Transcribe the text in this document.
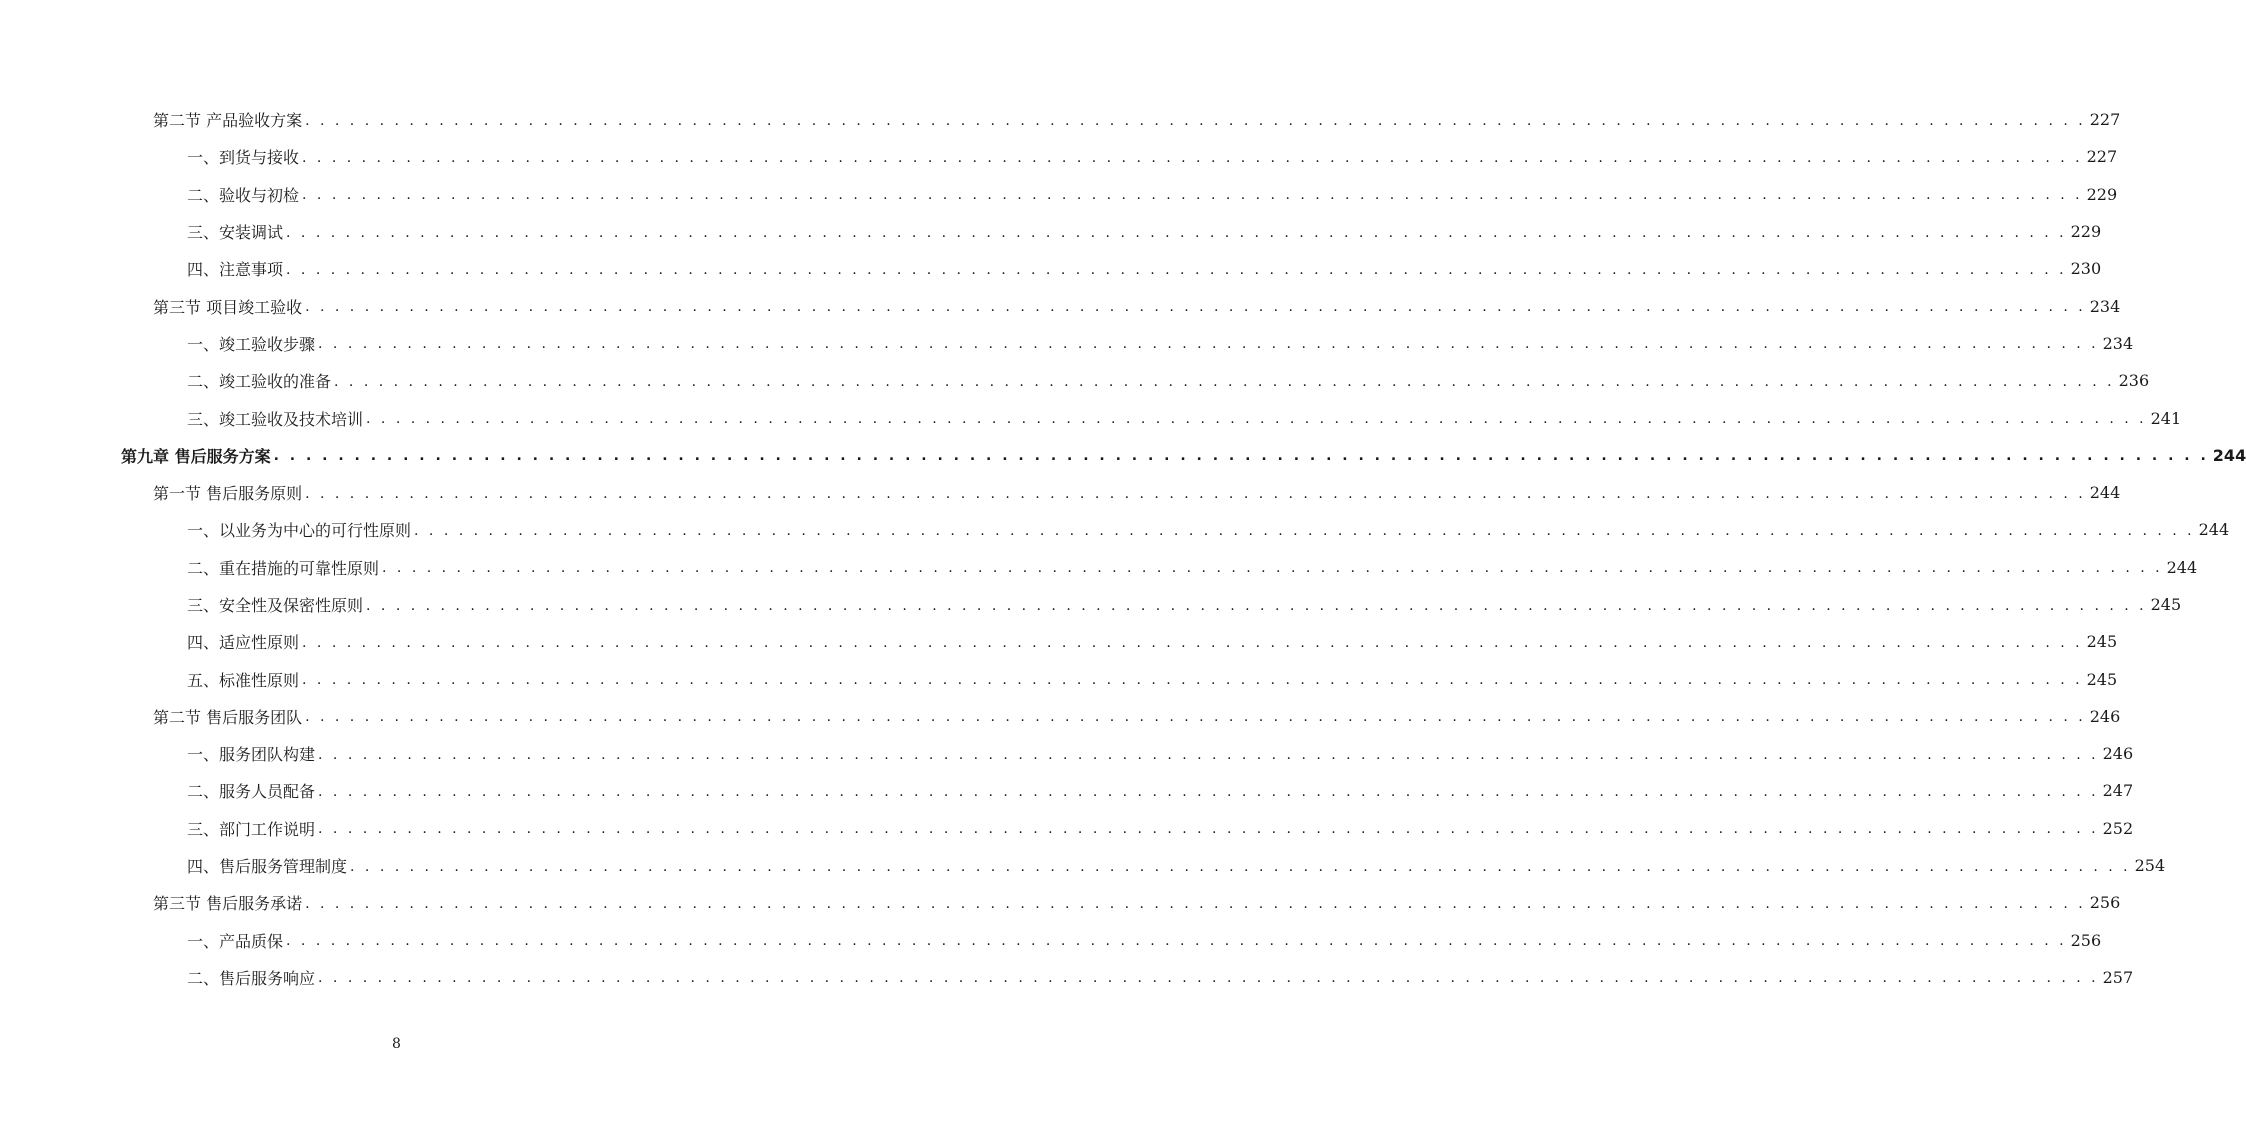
第二节 产品验收方案 . . . . . . . . . . . . . . . . . . . . . . . . . . . . . . . . . . . . . . . . . . . . . . . . . . . . . . . . . . . . . . . . . . . . . . . . . . . . . . . . . . . . . . . . . . . . . . . . . . . . . . . . . . . . . . . . . . . . . . . . 227
一、到货与接收 . . . . . . . . . . . . . . . . . . . . . . . . . . . . . . . . . . . . . . . . . . . . . . . . . . . . . . . . . . . . . . . . . . . . . . . . . . . . . . . . . . . . . . . . . . . . . . . . . . . . . . . . . . . . . . . . . . . . . . . . 227
二、验收与初检 . . . . . . . . . . . . . . . . . . . . . . . . . . . . . . . . . . . . . . . . . . . . . . . . . . . . . . . . . . . . . . . . . . . . . . . . . . . . . . . . . . . . . . . . . . . . . . . . . . . . . . . . . . . . . . . . . . . . . . . . 229
三、安装调试 . . . . . . . . . . . . . . . . . . . . . . . . . . . . . . . . . . . . . . . . . . . . . . . . . . . . . . . . . . . . . . . . . . . . . . . . . . . . . . . . . . . . . . . . . . . . . . . . . . . . . . . . . . . . . . . . . . . . . . . . 229
四、注意事项 . . . . . . . . . . . . . . . . . . . . . . . . . . . . . . . . . . . . . . . . . . . . . . . . . . . . . . . . . . . . . . . . . . . . . . . . . . . . . . . . . . . . . . . . . . . . . . . . . . . . . . . . . . . . . . . . . . . . . . . . 230
第三节 项目竣工验收 . . . . . . . . . . . . . . . . . . . . . . . . . . . . . . . . . . . . . . . . . . . . . . . . . . . . . . . . . . . . . . . . . . . . . . . . . . . . . . . . . . . . . . . . . . . . . . . . . . . . . . . . . . . . . . . . . . . . . . . . 234
一、竣工验收步骤 . . . . . . . . . . . . . . . . . . . . . . . . . . . . . . . . . . . . . . . . . . . . . . . . . . . . . . . . . . . . . . . . . . . . . . . . . . . . . . . . . . . . . . . . . . . . . . . . . . . . . . . . . . . . . . . . . . . . . . . . 234
二、竣工验收的准备 . . . . . . . . . . . . . . . . . . . . . . . . . . . . . . . . . . . . . . . . . . . . . . . . . . . . . . . . . . . . . . . . . . . . . . . . . . . . . . . . . . . . . . . . . . . . . . . . . . . . . . . . . . . . . . . . . . . . . . . . 236
三、竣工验收及技术培训 . . . . . . . . . . . . . . . . . . . . . . . . . . . . . . . . . . . . . . . . . . . . . . . . . . . . . . . . . . . . . . . . . . . . . . . . . . . . . . . . . . . . . . . . . . . . . . . . . . . . . . . . . . . . . . . . . . . . . . . . 241
第九章 售后服务方案 . . . . . . . . . . . . . . . . . . . . . . . . . . . . . . . . . . . . . . . . . . . . . . . . . . . . . . . . . . . . . . . . . . . . . . . . . . . . . . . . . . . . . . . . . . . . . . . . . . . . . . . . . . . . . . . . . . . . . . . . 244
第一节 售后服务原则 . . . . . . . . . . . . . . . . . . . . . . . . . . . . . . . . . . . . . . . . . . . . . . . . . . . . . . . . . . . . . . . . . . . . . . . . . . . . . . . . . . . . . . . . . . . . . . . . . . . . . . . . . . . . . . . . . . . . . . . . 244
一、以业务为中心的可行性原则 . . . . . . . . . . . . . . . . . . . . . . . . . . . . . . . . . . . . . . . . . . . . . . . . . . . . . . . . . . . . . . . . . . . . . . . . . . . . . . . . . . . . . . . . . . . . . . . . . . . . . . . . . . . . . . . . . . . . . . . . 244
二、重在措施的可靠性原则 . . . . . . . . . . . . . . . . . . . . . . . . . . . . . . . . . . . . . . . . . . . . . . . . . . . . . . . . . . . . . . . . . . . . . . . . . . . . . . . . . . . . . . . . . . . . . . . . . . . . . . . . . . . . . . . . . . . . . . . . 244
三、安全性及保密性原则 . . . . . . . . . . . . . . . . . . . . . . . . . . . . . . . . . . . . . . . . . . . . . . . . . . . . . . . . . . . . . . . . . . . . . . . . . . . . . . . . . . . . . . . . . . . . . . . . . . . . . . . . . . . . . . . . . . . . . . . . 245
四、适应性原则 . . . . . . . . . . . . . . . . . . . . . . . . . . . . . . . . . . . . . . . . . . . . . . . . . . . . . . . . . . . . . . . . . . . . . . . . . . . . . . . . . . . . . . . . . . . . . . . . . . . . . . . . . . . . . . . . . . . . . . . . 245
五、标准性原则 . . . . . . . . . . . . . . . . . . . . . . . . . . . . . . . . . . . . . . . . . . . . . . . . . . . . . . . . . . . . . . . . . . . . . . . . . . . . . . . . . . . . . . . . . . . . . . . . . . . . . . . . . . . . . . . . . . . . . . . . 245
第二节 售后服务团队 . . . . . . . . . . . . . . . . . . . . . . . . . . . . . . . . . . . . . . . . . . . . . . . . . . . . . . . . . . . . . . . . . . . . . . . . . . . . . . . . . . . . . . . . . . . . . . . . . . . . . . . . . . . . . . . . . . . . . . . . 246
一、服务团队构建 . . . . . . . . . . . . . . . . . . . . . . . . . . . . . . . . . . . . . . . . . . . . . . . . . . . . . . . . . . . . . . . . . . . . . . . . . . . . . . . . . . . . . . . . . . . . . . . . . . . . . . . . . . . . . . . . . . . . . . . . 246
二、服务人员配备 . . . . . . . . . . . . . . . . . . . . . . . . . . . . . . . . . . . . . . . . . . . . . . . . . . . . . . . . . . . . . . . . . . . . . . . . . . . . . . . . . . . . . . . . . . . . . . . . . . . . . . . . . . . . . . . . . . . . . . . . 247
三、部门工作说明 . . . . . . . . . . . . . . . . . . . . . . . . . . . . . . . . . . . . . . . . . . . . . . . . . . . . . . . . . . . . . . . . . . . . . . . . . . . . . . . . . . . . . . . . . . . . . . . . . . . . . . . . . . . . . . . . . . . . . . . . 252
四、售后服务管理制度 . . . . . . . . . . . . . . . . . . . . . . . . . . . . . . . . . . . . . . . . . . . . . . . . . . . . . . . . . . . . . . . . . . . . . . . . . . . . . . . . . . . . . . . . . . . . . . . . . . . . . . . . . . . . . . . . . . . . . . . . 254
第三节 售后服务承诺 . . . . . . . . . . . . . . . . . . . . . . . . . . . . . . . . . . . . . . . . . . . . . . . . . . . . . . . . . . . . . . . . . . . . . . . . . . . . . . . . . . . . . . . . . . . . . . . . . . . . . . . . . . . . . . . . . . . . . . . . 256
一、产品质保 . . . . . . . . . . . . . . . . . . . . . . . . . . . . . . . . . . . . . . . . . . . . . . . . . . . . . . . . . . . . . . . . . . . . . . . . . . . . . . . . . . . . . . . . . . . . . . . . . . . . . . . . . . . . . . . . . . . . . . . . 256
二、售后服务响应 . . . . . . . . . . . . . . . . . . . . . . . . . . . . . . . . . . . . . . . . . . . . . . . . . . . . . . . . . . . . . . . . . . . . . . . . . . . . . . . . . . . . . . . . . . . . . . . . . . . . . . . . . . . . . . . . . . . . . . . . 257
8
